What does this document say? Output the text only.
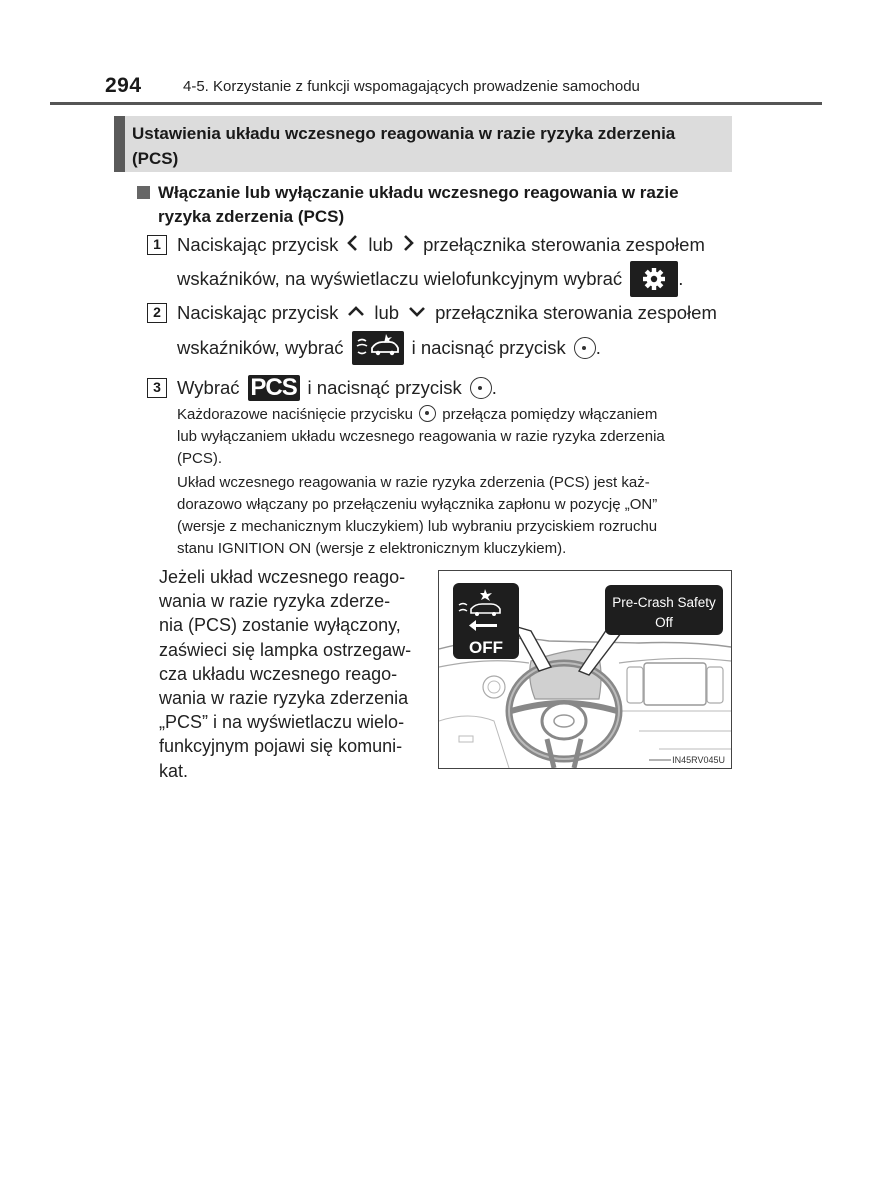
294	4-5. Korzystanie z funkcji wspomagających prowadzenie samochodu
Ustawienia układu wczesnego reagowania w razie ryzyka zderzenia
(PCS)
Włączanie lub wyłączanie układu wczesnego reagowania w razie
ryzyka zderzenia (PCS)
1 Naciskając przycisk lub przełącznika sterowania zespołem
wskaźników, na wyświetlaczu wielofunkcyjnym wybrać	.
2 Naciskając przycisk lub przełącznika sterowania zespołem
wskaźników, wybrać	i nacisnąć przycisk .
3 Wybrać PCS i nacisnąć przycisk .
Każdorazowe naciśnięcie przycisku przełącza pomiędzy włączaniem
lub wyłączaniem układu wczesnego reagowania w razie ryzyka zderzenia
(PCS).
Układ wczesnego reagowania w razie ryzyka zderzenia (PCS) jest każ-
dorazowo włączany po przełączeniu wyłącznika zapłonu w pozycję „ON”
(wersje z mechanicznym kluczykiem) lub wybraniu przyciskiem rozruchu
stanu IGNITION ON (wersje z elektronicznym kluczykiem).
Jeżeli układ wczesnego reago-
wania w razie ryzyka zderze-
nia (PCS) zostanie wyłączony,
zaświeci się lampka ostrzegaw-
cza układu wczesnego reago-
wania w razie ryzyka zderzenia
„PCS” i na wyświetlaczu wielo-
funkcyjnym pojawi się komuni-
kat.
OFF
Pre-Crash Safety
Off
IN45RV045U
